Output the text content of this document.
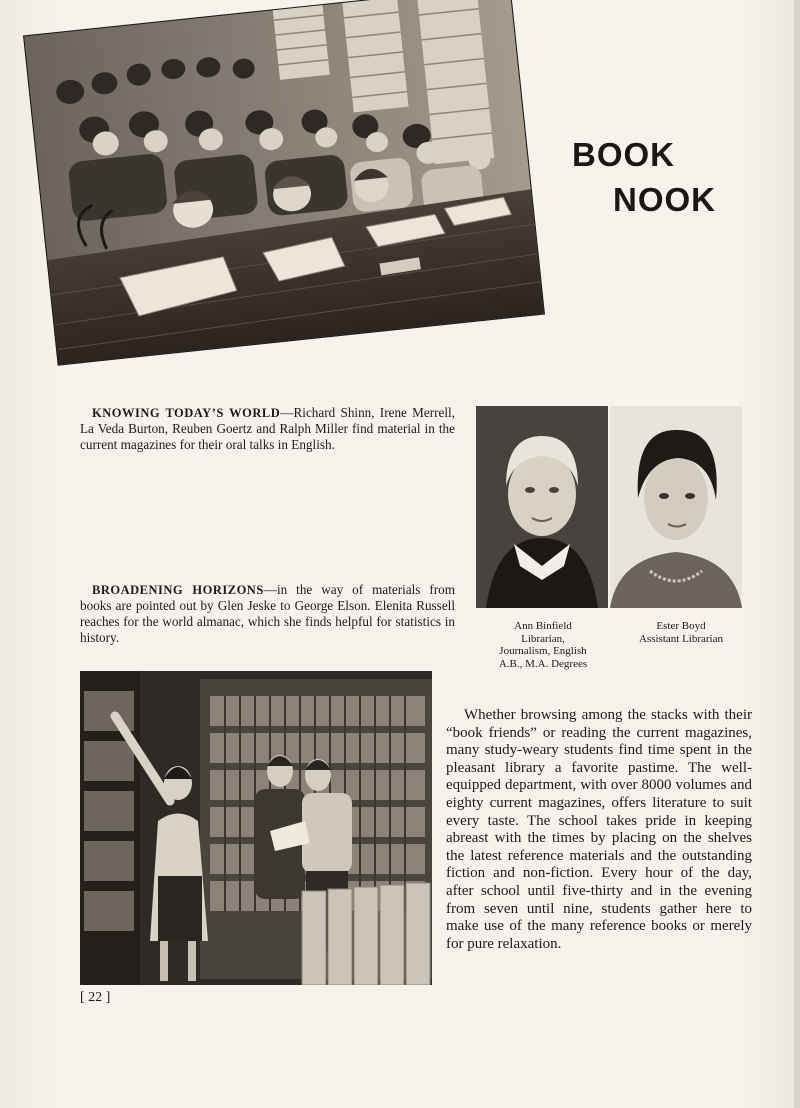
BOOK
NOOK

KNOWING TODAY’S WORLD—Richard Shinn, Irene Merrell, La Veda Burton, Reuben Goertz and Ralph Miller find material in the current magazines for their oral talks in English.

BROADENING HORIZONS—in the way of materials from books are pointed out by Glen Jeske to George Elson. Elenita Russell reaches for the world almanac, which she finds helpful for statistics in history.

Ann Binfield
Librarian,
Journalism, English
A.B., M.A. Degrees
Ester Boyd
Assistant Librarian

Whether browsing among the stacks with their “book friends” or reading the current magazines, many study-weary students find time spent in the pleasant library a favorite pastime. The well-equipped department, with over 8000 volumes and eighty current magazines, offers literature to suit every taste. The school takes pride in keeping abreast with the times by placing on the shelves the latest reference materials and the outstanding fiction and non-fiction. Every hour of the day, after school until five-thirty and in the evening from seven until nine, students gather here to make use of the many reference books or merely for pure relaxation.

[ 22 ]
